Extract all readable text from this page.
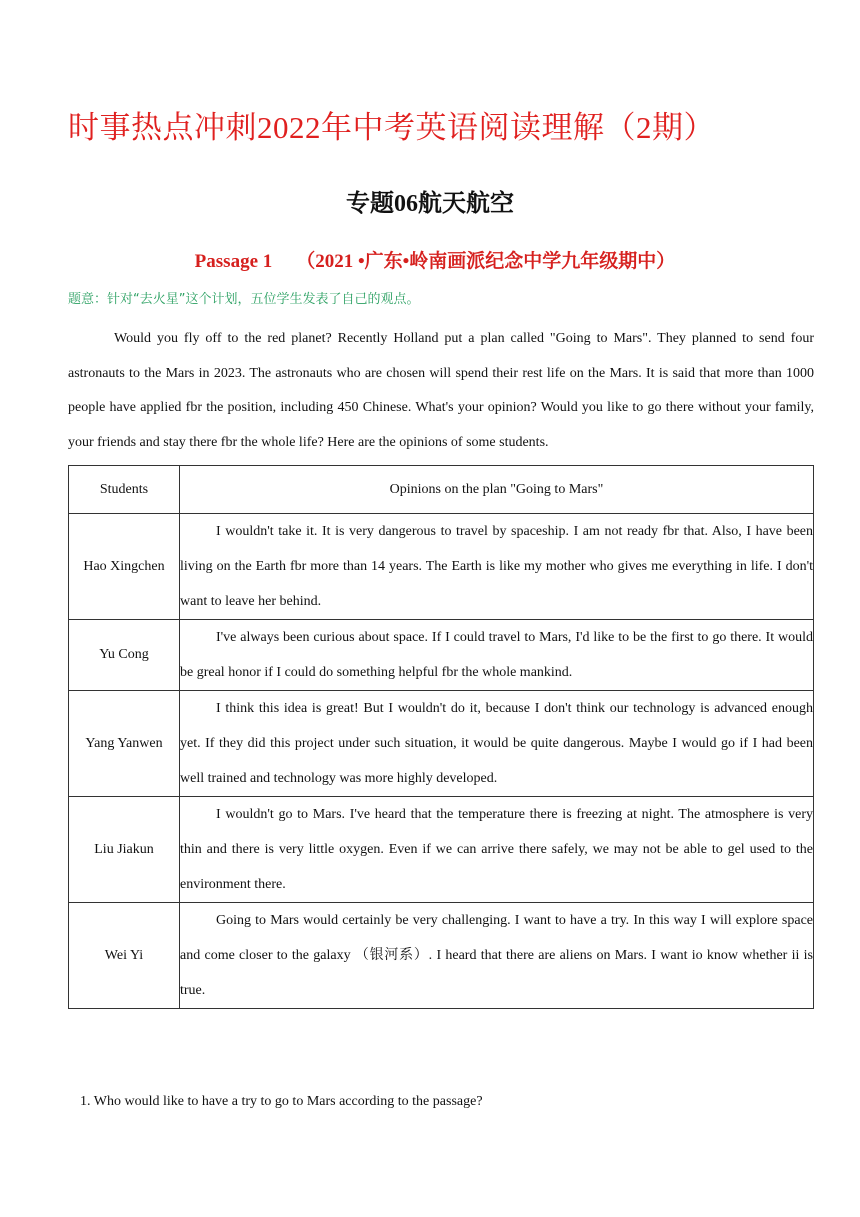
时事热点冲刺2022年中考英语阅读理解（2期）
专题06航天航空
Passage 1 （2021 •广东•岭南画派纪念中学九年级期中）

题意：针对“去火星”这个计划，五位学生发表了自己的观点。

Would you fly off to the red planet? Recently Holland put a plan called "Going to Mars". They planned to send four astronauts to the Mars in 2023. The astronauts who are chosen will spend their rest life on the Mars. It is said that more than 1000 people have applied fbr the position, including 450 Chinese. What's your opinion? Would you like to go there without your family, your friends and stay there fbr the whole life? Here are the opinions of some students.

Students	Opinions on the plan "Going to Mars"
Hao Xingchen	I wouldn't take it. It is very dangerous to travel by spaceship. I am not ready fbr that. Also, I have been living on the Earth fbr more than 14 years. The Earth is like my mother who gives me everything in life. I don't want to leave her behind.
Yu Cong	I've always been curious about space. If I could travel to Mars, I'd like to be the first to go there. It would be greal honor if I could do something helpful fbr the whole mankind.
Yang Yanwen	I think this idea is great! But I wouldn't do it, because I don't think our technology is advanced enough yet. If they did this project under such situation, it would be quite dangerous. Maybe I would go if I had been well trained and technology was more highly developed.
Liu Jiakun	I wouldn't go to Mars. I've heard that the temperature there is freezing at night. The atmosphere is very thin and there is very little oxygen. Even if we can arrive there safely, we may not be able to gel used to the environment there.
Wei Yi	Going to Mars would certainly be very challenging. I want to have a try. In this way I will explore space and come closer to the galaxy （银河系）. I heard that there are aliens on Mars. I want io know whether ii is true.

1. Who would like to have a try to go to Mars according to the passage?
